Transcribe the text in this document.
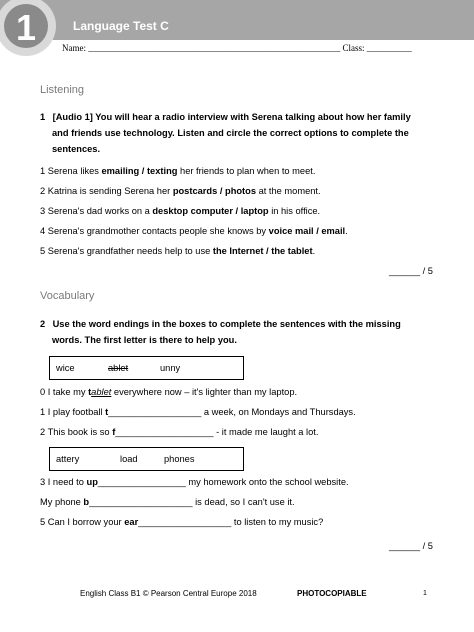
1	Language Test C
Name: ________________________________________________________ Class: __________
Listening
1 [Audio 1] You will hear a radio interview with Serena talking about how her family
and friends use technology. Listen and circle the correct options to complete the
sentences.
1 Serena likes emailing / texting her friends to plan when to meet.
2 Katrina is sending Serena her postcards / photos at the moment.
3 Serena's dad works on a desktop computer / laptop in his office.
4 Serena's grandmother contacts people she knows by voice mail / email.
5 Serena's grandfather needs help to use the Internet / the tablet.
______ / 5
Vocabulary
2 Use the word endings in the boxes to complete the sentences with the missing
words. The first letter is there to help you.
wice	ablet	unny
0 I take my tablet everywhere now – it's lighter than my laptop.
1 I play football t__________________ a week, on Mondays and Thursdays.
2 This book is so f___________________ - it made me laught a lot.
attery	load	phones
3 I need to up_________________ my homework onto the school website.
My phone b____________________ is dead, so I can't use it.
5 Can I borrow your ear__________________ to listen to my music?
______ / 5
English Class B1 © Pearson Central Europe 2018	PHOTOCOPIABLE	1
